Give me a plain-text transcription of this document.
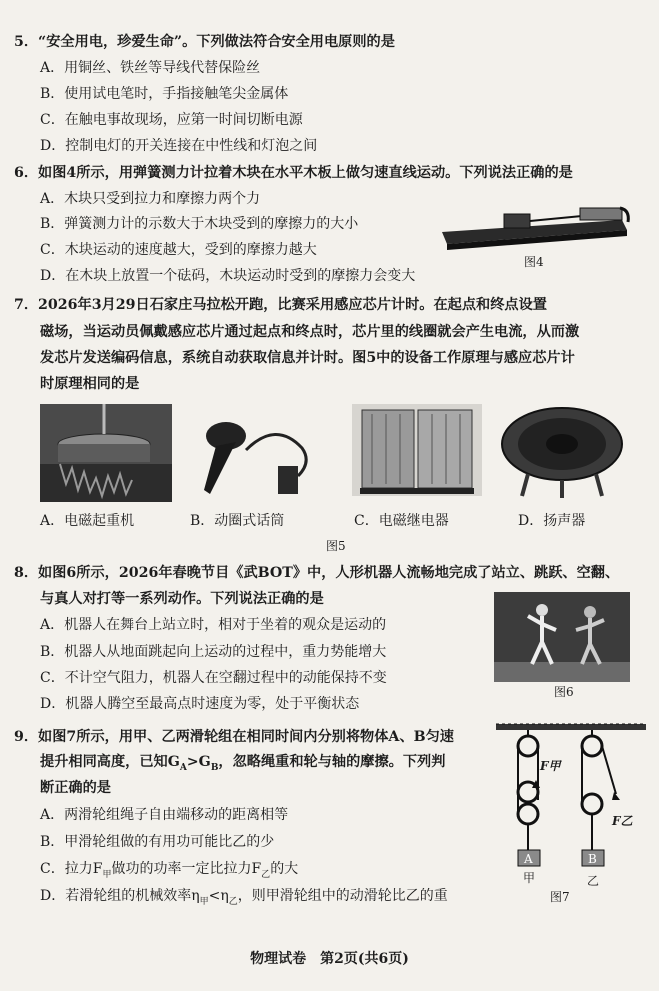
5．“安全用电，珍爱生命”。下列做法符合安全用电原则的是
A．用铜丝、铁丝等导线代替保险丝
B．使用试电笔时，手指接触笔尖金属体
C．在触电事故现场，应第一时间切断电源
D．控制电灯的开关连接在中性线和灯泡之间
6．如图4所示，用弹簧测力计拉着木块在水平木板上做匀速直线运动。下列说法正确的是
A．木块只受到拉力和摩擦力两个力
B．弹簧测力计的示数大于木块受到的摩擦力的大小
C．木块运动的速度越大，受到的摩擦力越大
D．在木块上放置一个砝码，木块运动时受到的摩擦力会变大
图4
7．2026年3月29日石家庄马拉松开跑，比赛采用感应芯片计时。在起点和终点设置
磁场，当运动员佩戴感应芯片通过起点和终点时，芯片里的线圈就会产生电流，从而激
发芯片发送编码信息，系统自动获取信息并计时。图5中的设备工作原理与感应芯片计
时原理相同的是
A．电磁起重机	B．动圈式话筒	C．电磁继电器	D．扬声器
图5
8．如图6所示，2026年春晚节目《武BOT》中，人形机器人流畅地完成了站立、跳跃、空翻、
与真人对打等一系列动作。下列说法正确的是
A．机器人在舞台上站立时，相对于坐着的观众是运动的
B．机器人从地面跳起向上运动的过程中，重力势能增大
C．不计空气阻力，机器人在空翻过程中的动能保持不变
D．机器人腾空至最高点时速度为零，处于平衡状态
图6
9．如图7所示，用甲、乙两滑轮组在相同时间内分别将物体A、B匀速
提升相同高度，已知$G_A>G_B$，忽略绳重和轮与轴的摩擦。下列判
断正确的是
A．两滑轮组绳子自由端移动的距离相等
B．甲滑轮组做的有用功可能比乙的少
C．拉力$F_甲$做功的功率一定比拉力$F_乙$的大
D．若滑轮组的机械效率$\eta_甲<\eta_乙$，则甲滑轮组中的动滑轮比乙的重
F甲
F乙
A	B
甲	乙
图7
物理试卷　第2页(共6页)
